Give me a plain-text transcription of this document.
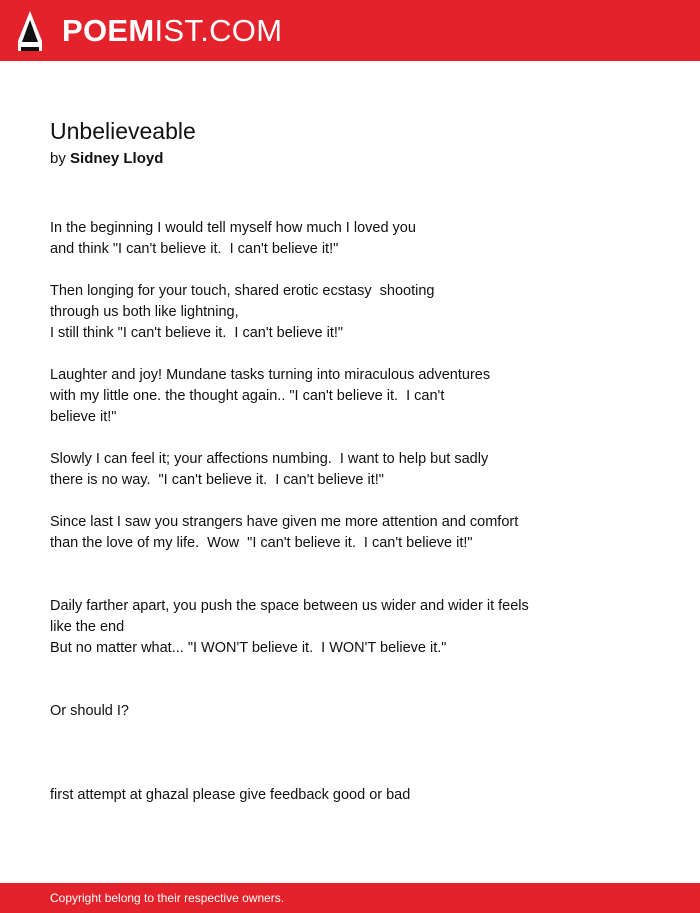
POEMIST.COM
Unbelieveable
by Sidney Lloyd
In the beginning I would tell myself how much I loved you
and think "I can't believe it.  I can't believe it!"
Then longing for your touch, shared erotic ecstasy  shooting
through us both like lightning,
I still think "I can't believe it.  I can't believe it!"
Laughter and joy! Mundane tasks turning into miraculous adventures
with my little one. the thought again.. "I can't believe it.  I can't
believe it!"
Slowly I can feel it; your affections numbing.  I want to help but sadly
there is no way.  "I can't believe it.  I can't believe it!"
Since last I saw you strangers have given me more attention and comfort
than the love of my life.  Wow  "I can't believe it.  I can't believe it!"
Daily farther apart, you push the space between us wider and wider it feels
like the end
But no matter what... "I WON'T believe it.  I WON'T believe it."
Or should I?
first attempt at ghazal please give feedback good or bad
Copyright belong to their respective owners.
